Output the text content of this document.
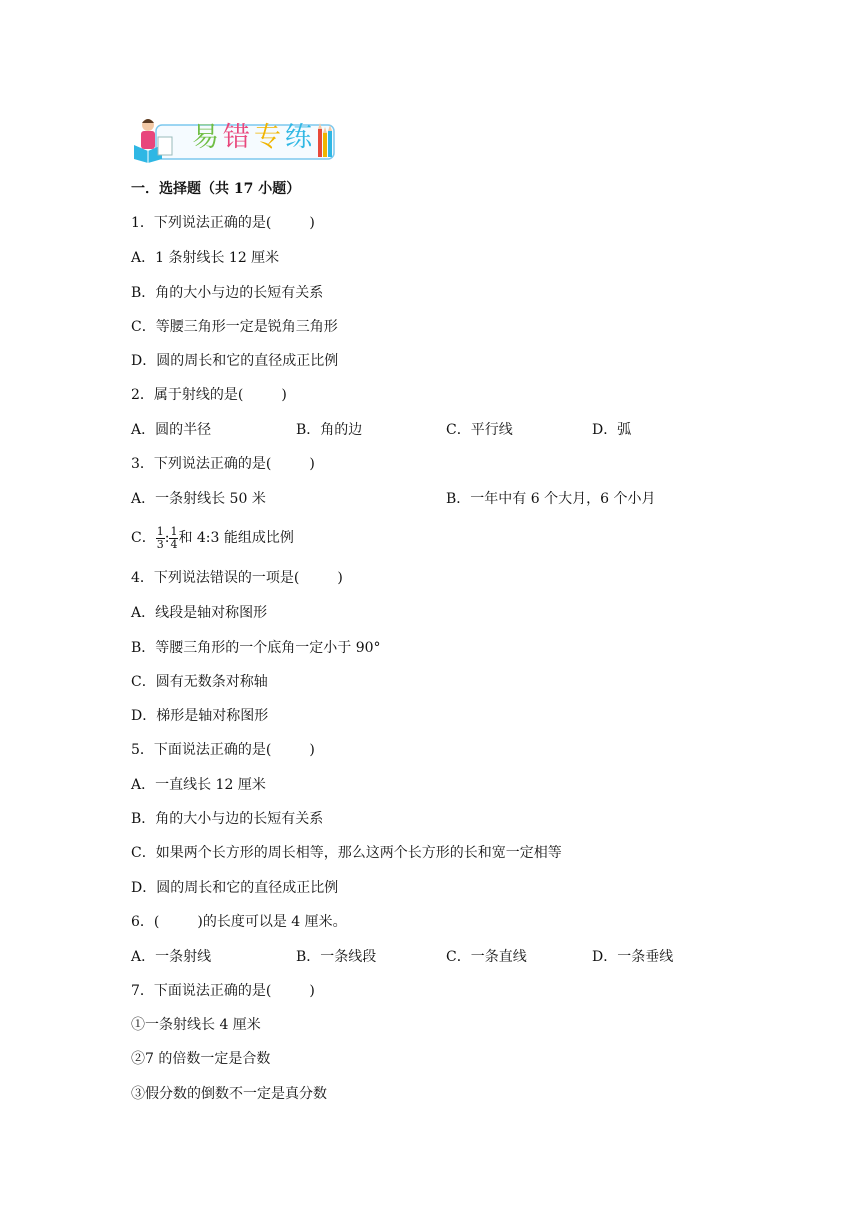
易错专练
一．选择题（共 17 小题）
1．下列说法正确的是(	)
A．1 条射线长 12 厘米
B．角的大小与边的长短有关系
C．等腰三角形一定是锐角三角形
D．圆的周长和它的直径成正比例
2．属于射线的是(	)
A．圆的半径	B．角的边	C．平行线	D．弧
3．下列说法正确的是(	)
A．一条射线长 50 米	B．一年中有 6 个大月，6 个小月
C． $\frac{1}{3}$ : $\frac{1}{4}$ 和 4:3 能组成比例
4．下列说法错误的一项是(	)
A．线段是轴对称图形
B．等腰三角形的一个底角一定小于 90°
C．圆有无数条对称轴
D．梯形是轴对称图形
5．下面说法正确的是(	)
A．一直线长 12 厘米
B．角的大小与边的长短有关系
C．如果两个长方形的周长相等，那么这两个长方形的长和宽一定相等
D．圆的周长和它的直径成正比例
6．(	)的长度可以是 4 厘米。
A．一条射线	B．一条线段	C．一条直线	D．一条垂线
7．下面说法正确的是(	)
①一条射线长 4 厘米
②7 的倍数一定是合数
③假分数的倒数不一定是真分数
